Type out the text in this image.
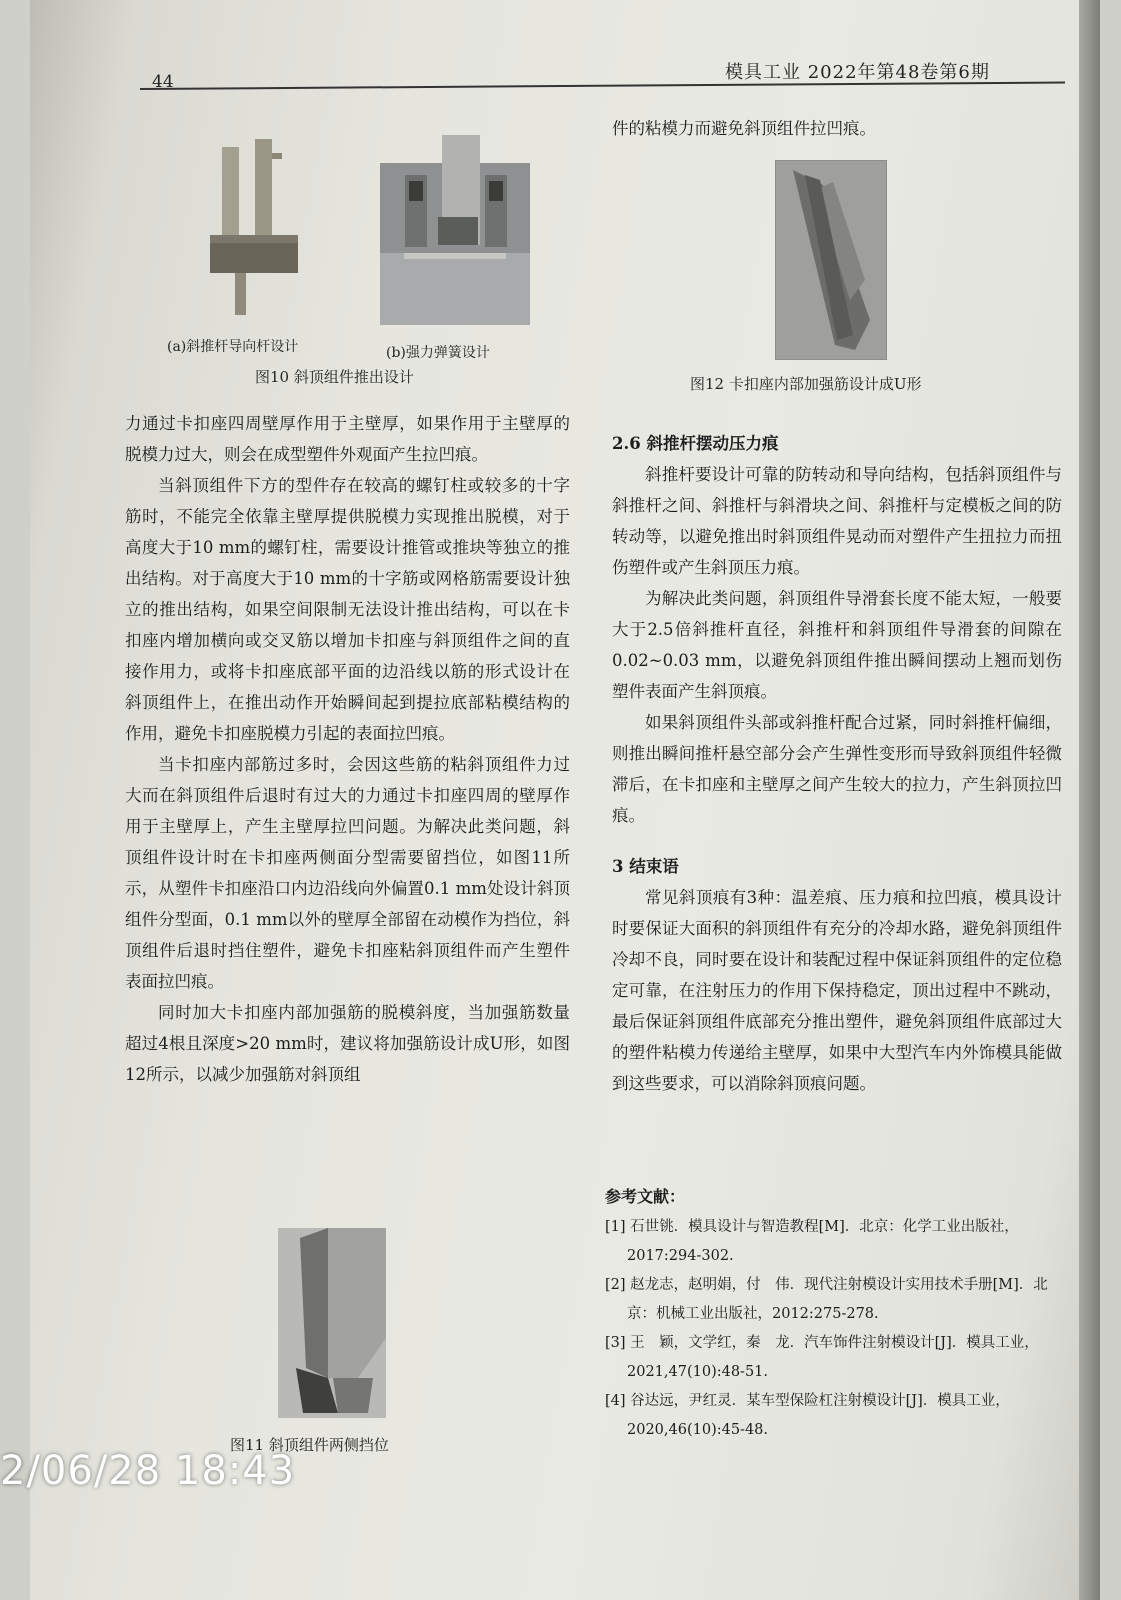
44	模具工业 2022年第48卷第6期
(a)斜推杆导向杆设计	(b)强力弹簧设计
图10 斜顶组件推出设计	图12 卡扣座内部加强筋设计成U形
件的粘模力而避免斜顶组件拉凹痕。

力通过卡扣座四周壁厚作用于主壁厚，如果作用于主壁厚的脱模力过大，则会在成型塑件外观面产生拉凹痕。

当斜顶组件下方的型件存在较高的螺钉柱或较多的十字筋时，不能完全依靠主壁厚提供脱模力实现推出脱模，对于高度大于10 mm的螺钉柱，需要设计推管或推块等独立的推出结构。对于高度大于10 mm的十字筋或网格筋需要设计独立的推出结构，如果空间限制无法设计推出结构，可以在卡扣座内增加横向或交叉筋以增加卡扣座与斜顶组件之间的直接作用力，或将卡扣座底部平面的边沿线以筋的形式设计在斜顶组件上，在推出动作开始瞬间起到提拉底部粘模结构的作用，避免卡扣座脱模力引起的表面拉凹痕。

当卡扣座内部筋过多时，会因这些筋的粘斜顶组件力过大而在斜顶组件后退时有过大的力通过卡扣座四周的壁厚作用于主壁厚上，产生主壁厚拉凹问题。为解决此类问题，斜顶组件设计时在卡扣座两侧面分型需要留挡位，如图11所示，从塑件卡扣座沿口内边沿线向外偏置0.1 mm处设计斜顶组件分型面，0.1 mm以外的壁厚全部留在动模作为挡位，斜顶组件后退时挡住塑件，避免卡扣座粘斜顶组件而产生塑件表面拉凹痕。

同时加大卡扣座内部加强筋的脱模斜度，当加强筋数量超过4根且深度>20 mm时，建议将加强筋设计成U形，如图12所示，以减少加强筋对斜顶组

图11 斜顶组件两侧挡位

2.6 斜推杆摆动压力痕

斜推杆要设计可靠的防转动和导向结构，包括斜顶组件与斜推杆之间、斜推杆与斜滑块之间、斜推杆与定模板之间的防转动等，以避免推出时斜顶组件晃动而对塑件产生扭拉力而扭伤塑件或产生斜顶压力痕。

为解决此类问题，斜顶组件导滑套长度不能太短，一般要大于2.5倍斜推杆直径，斜推杆和斜顶组件导滑套的间隙在0.02~0.03 mm，以避免斜顶组件推出瞬间摆动上翘而划伤塑件表面产生斜顶痕。

如果斜顶组件头部或斜推杆配合过紧，同时斜推杆偏细，则推出瞬间推杆悬空部分会产生弹性变形而导致斜顶组件轻微滞后，在卡扣座和主壁厚之间产生较大的拉力，产生斜顶拉凹痕。

3 结束语

常见斜顶痕有3种：温差痕、压力痕和拉凹痕，模具设计时要保证大面积的斜顶组件有充分的冷却水路，避免斜顶组件冷却不良，同时要在设计和装配过程中保证斜顶组件的定位稳定可靠，在注射压力的作用下保持稳定，顶出过程中不跳动，最后保证斜顶组件底部充分推出塑件，避免斜顶组件底部过大的塑件粘模力传递给主壁厚，如果中大型汽车内外饰模具能做到这些要求，可以消除斜顶痕问题。

参考文献：
[1] 石世铫．模具设计与智造教程[M]．北京：化学工业出版社，2017:294-302.
[2] 赵龙志，赵明娟，付　伟．现代注射模设计实用技术手册[M]．北京：机械工业出版社，2012:275-278.
[3] 王　颖，文学红，秦　龙．汽车饰件注射模设计[J]．模具工业，2021,47(10):48-51.
[4] 谷达远，尹红灵．某车型保险杠注射模设计[J]．模具工业，2020,46(10):45-48.
2/06/28 18:43
